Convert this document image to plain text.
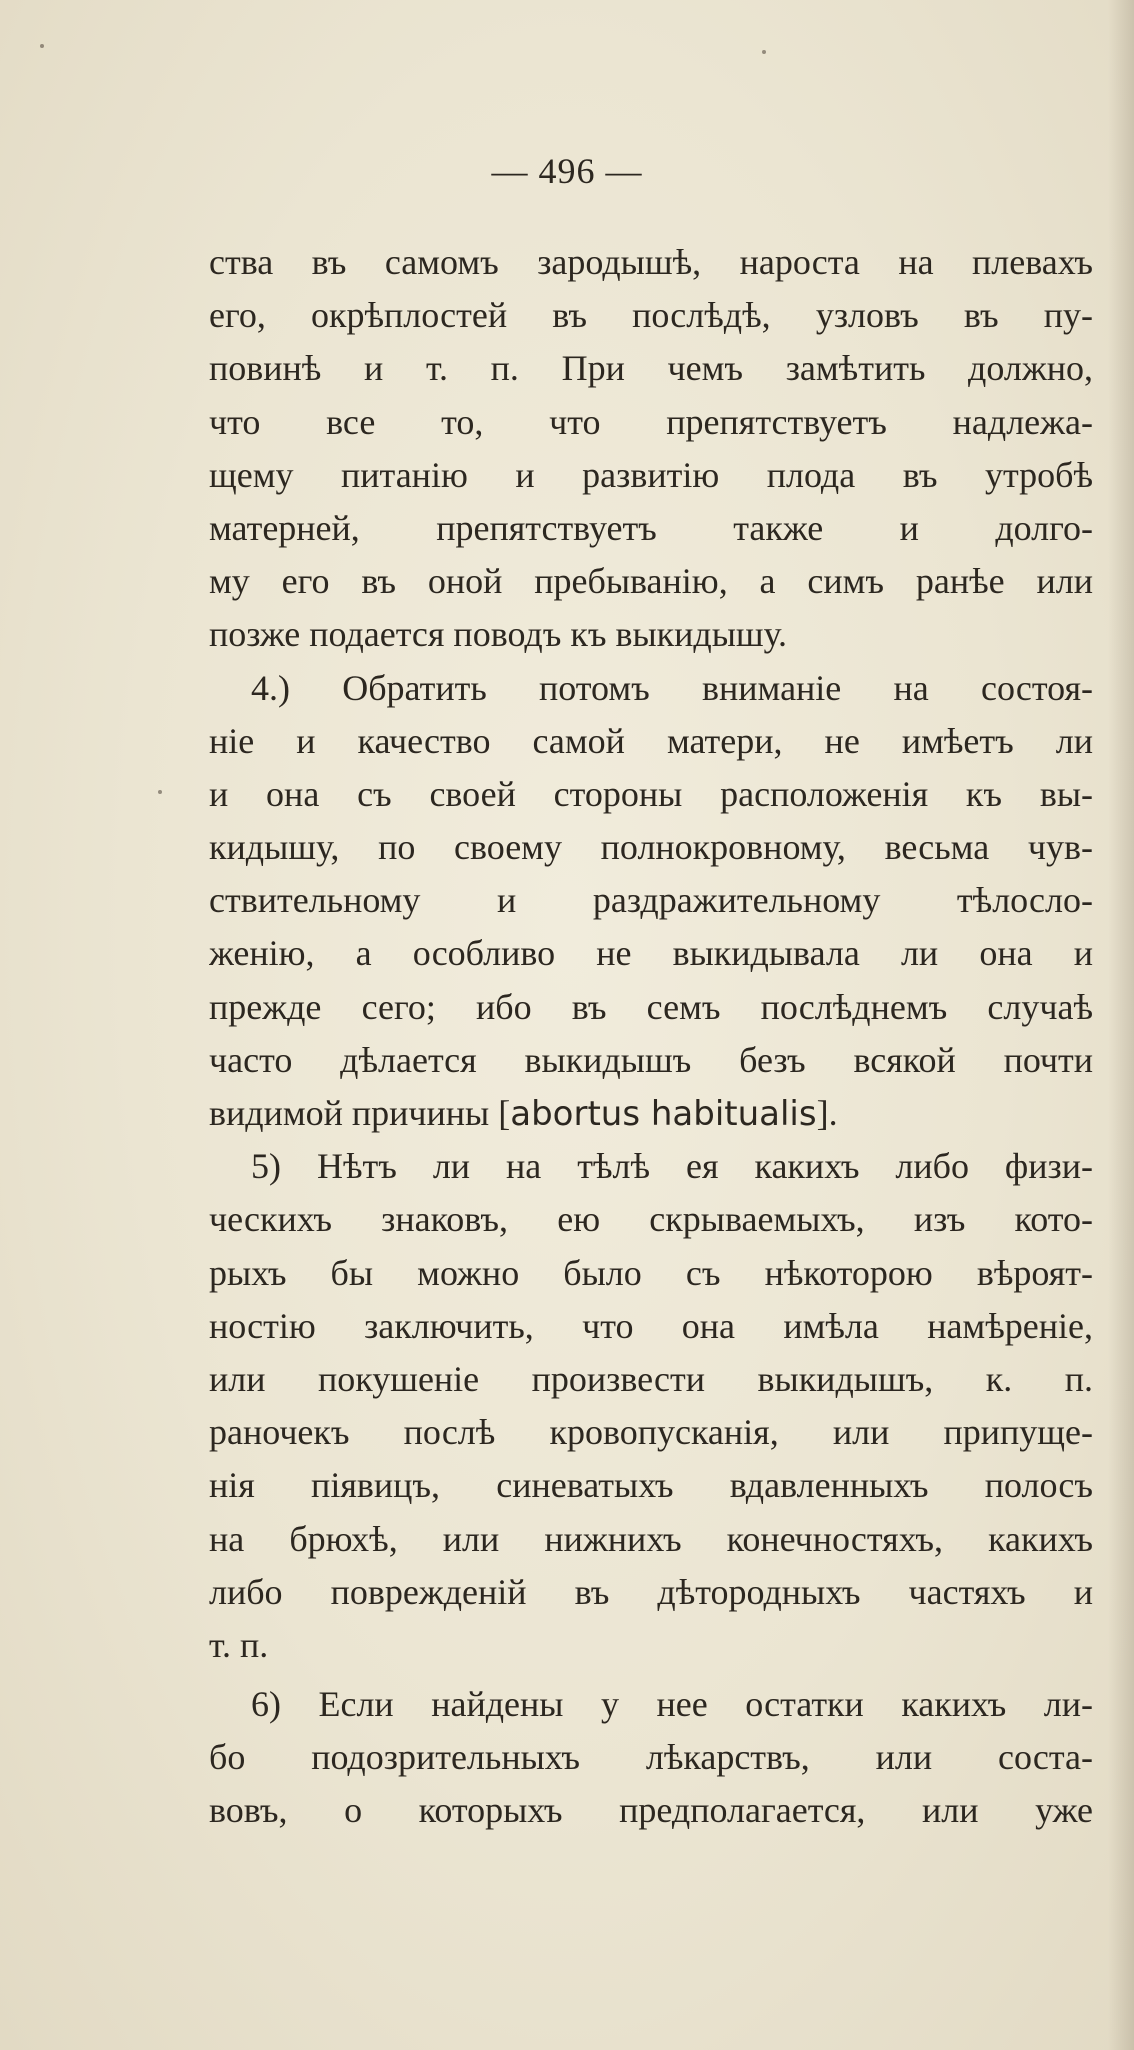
— 496 —
ства въ самомъ зародышѣ, нароста на плевахъ
его, окрѣплостей въ послѣдѣ, узловъ въ пу-
повинѣ и т. п. При чемъ замѣтить должно,
что все то, что препятствуетъ надлежа-
щему питанію и развитію плода въ утробѣ
матерней, препятствуетъ также и долго-
му его въ оной пребыванію, а симъ ранѣе или
позже подается поводъ къ выкидышу.
4.) Обратить потомъ вниманіе на состоя-
ніе и качество самой матери, не имѣетъ ли
и она съ своей стороны расположенія къ вы-
кидышу, по своему полнокровному, весьма чув-
ствительному и раздражительному тѣлосло-
женію, а особливо не выкидывала ли она и
прежде сего; ибо въ семъ послѣднемъ случаѣ
часто дѣлается выкидышъ безъ всякой почти
видимой причины [abortus habitualis].
5) Нѣтъ ли на тѣлѣ ея какихъ либо физи-
ческихъ знаковъ, ею скрываемыхъ, изъ кото-
рыхъ бы можно было съ нѣкоторою вѣроят-
ностію заключить, что она имѣла намѣреніе,
или покушеніе произвести выкидышъ, к. п.
раночекъ послѣ кровопусканія, или припуще-
нія піявицъ, синеватыхъ вдавленныхъ полосъ
на брюхѣ, или нижнихъ конечностяхъ, какихъ
либо поврежденій въ дѣтородныхъ частяхъ и
т. п.
6) Если найдены у нее остатки какихъ ли-
бо подозрительныхъ лѣкарствъ, или соста-
вовъ, о которыхъ предполагается, или уже
